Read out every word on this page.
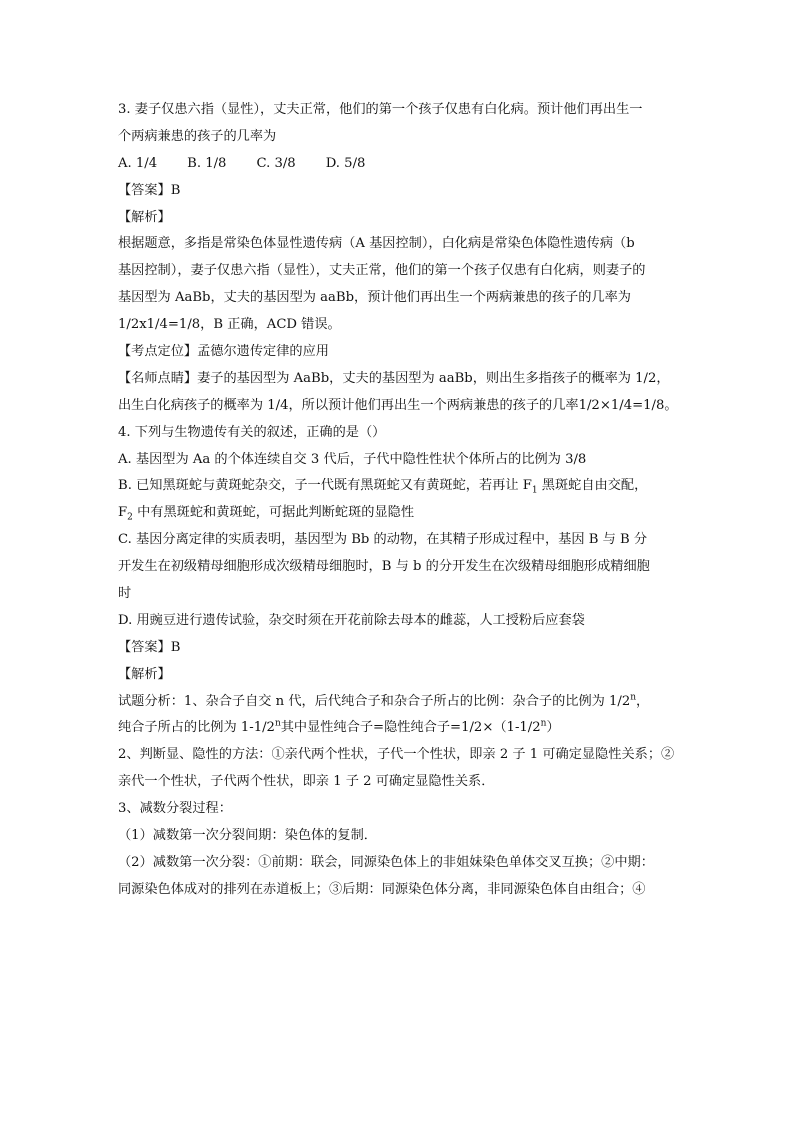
3. 妻子仅患六指（显性），丈夫正常，他们的第一个孩子仅患有白化病。预计他们再出生一
个两病兼患的孩子的几率为
A. 1/4 B. 1/8 C. 3/8 D. 5/8
【答案】B
【解析】
根据题意，多指是常染色体显性遗传病（A 基因控制），白化病是常染色体隐性遗传病（b
基因控制），妻子仅患六指（显性），丈夫正常，他们的第一个孩子仅患有白化病，则妻子的
基因型为 AaBb，丈夫的基因型为 aaBb，预计他们再出生一个两病兼患的孩子的几率为
1/2x1/4=1/8，B 正确，ACD 错误。
【考点定位】孟德尔遗传定律的应用
【名师点睛】妻子的基因型为 AaBb，丈夫的基因型为 aaBb，则出生多指孩子的概率为 1/2，
出生白化病孩子的概率为 1/4，所以预计他们再出生一个两病兼患的孩子的几率1/2×1/4=1/8。
4. 下列与生物遗传有关的叙述，正确的是（）
A. 基因型为 Aa 的个体连续自交 3 代后，子代中隐性性状个体所占的比例为 3/8
B. 已知黑斑蛇与黄斑蛇杂交，子一代既有黑斑蛇又有黄斑蛇，若再让 $F_1$ 黑斑蛇自由交配，
$F_2$ 中有黑斑蛇和黄斑蛇，可据此判断蛇斑的显隐性
C. 基因分离定律的实质表明，基因型为 Bb 的动物，在其精子形成过程中，基因 B 与 B 分
开发生在初级精母细胞形成次级精母细胞时，B 与 b 的分开发生在次级精母细胞形成精细胞
时
D. 用豌豆进行遗传试验，杂交时须在开花前除去母本的雌蕊，人工授粉后应套袋
【答案】B
【解析】
试题分析：1、杂合子自交 n 代，后代纯合子和杂合子所占的比例：杂合子的比例为 1/2$^n$，
纯合子所占的比例为 1-1/2$^n$其中显性纯合子=隐性纯合子$=1/2\times(1-1/2^n)$
2、判断显、隐性的方法：①亲代两个性状，子代一个性状，即亲 2 子 1 可确定显隐性关系；②
亲代一个性状，子代两个性状，即亲 1 子 2 可确定显隐性关系．
3、减数分裂过程：
（1）减数第一次分裂间期：染色体的复制．
（2）减数第一次分裂：①前期：联会，同源染色体上的非姐妹染色单体交叉互换；②中期：
同源染色体成对的排列在赤道板上；③后期：同源染色体分离，非同源染色体自由组合；④
